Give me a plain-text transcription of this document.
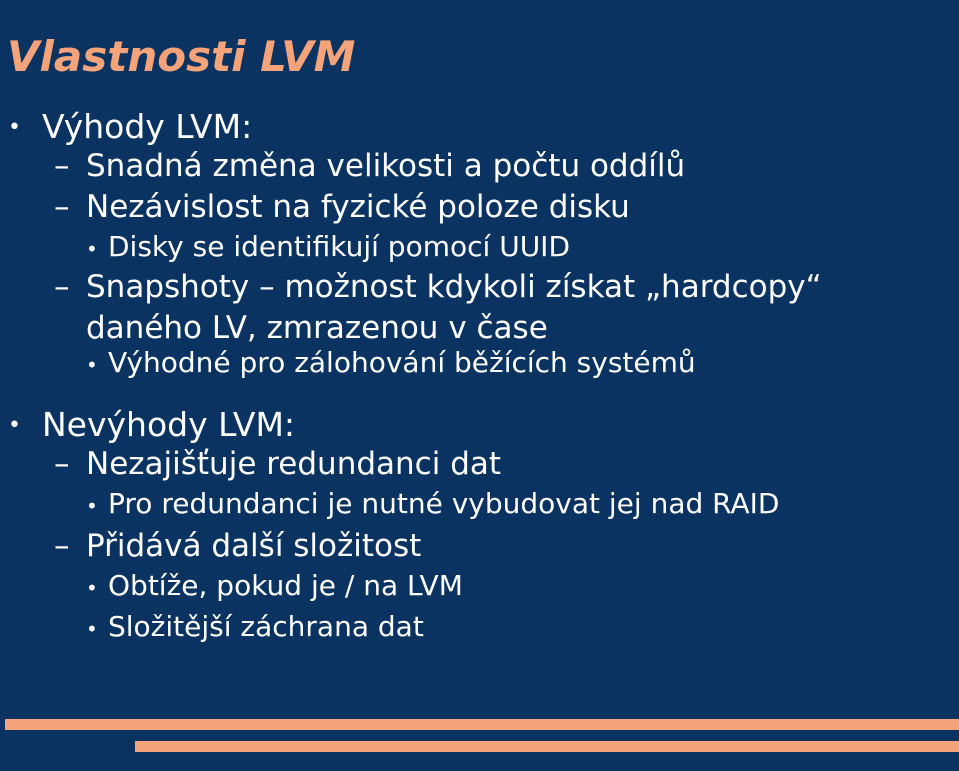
Vlastnosti LVM
• Výhody LVM:
– Snadná změna velikosti a počtu oddílů
– Nezávislost na fyzické poloze disku
• Disky se identifikují pomocí UUID
– Snapshoty – možnost kdykoli získat „hardcopy“ daného LV, zmrazenou v čase
• Výhodné pro zálohování běžících systémů
• Nevýhody LVM:
– Nezajišťuje redundanci dat
• Pro redundanci je nutné vybudovat jej nad RAID
– Přidává další složitost
• Obtíže, pokud je / na LVM
• Složitější záchrana dat
